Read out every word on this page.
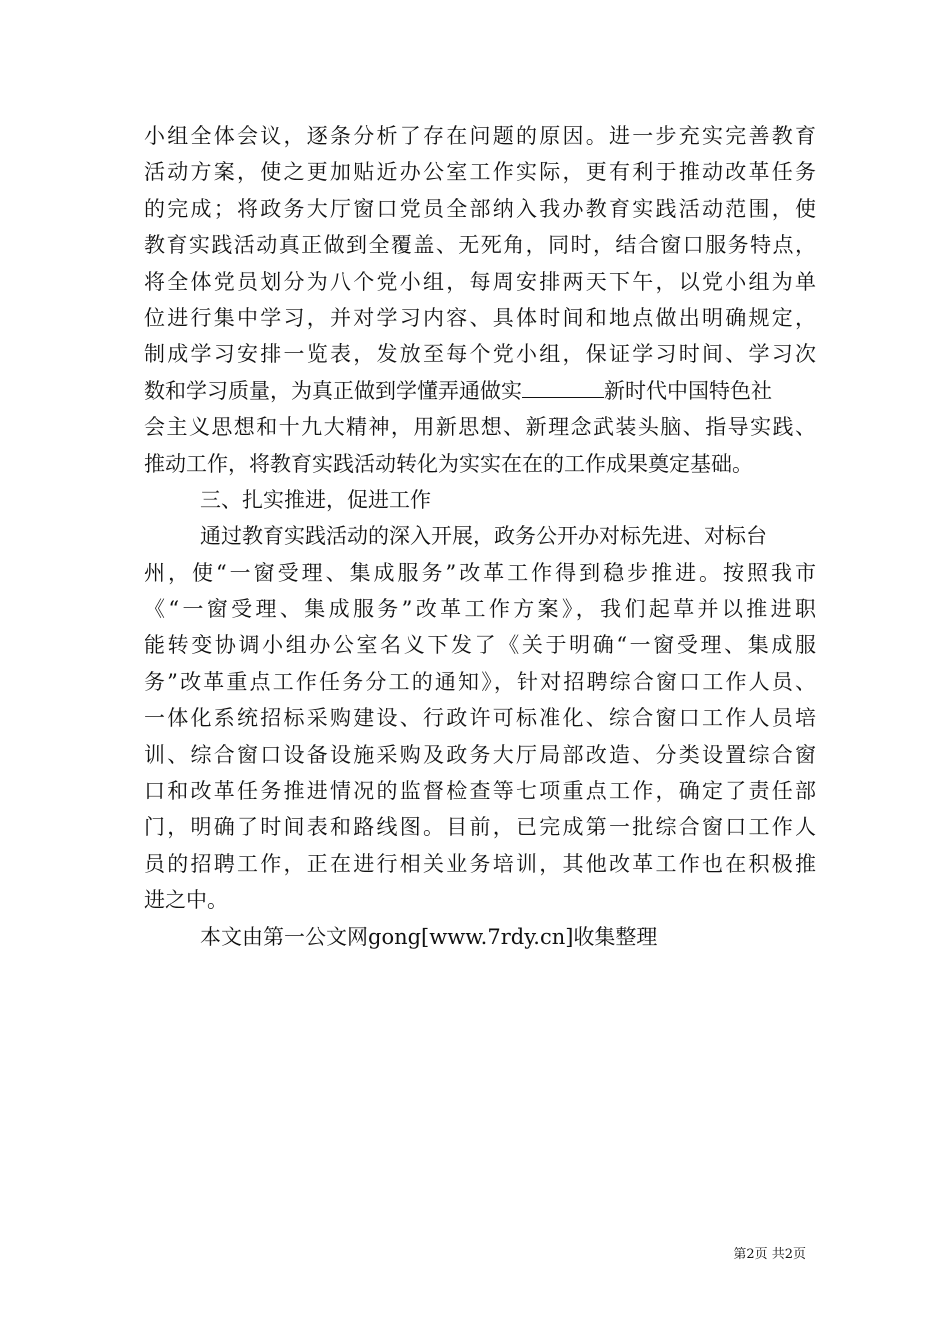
小组全体会议，逐条分析了存在问题的原因。进一步充实完善教育
活动方案，使之更加贴近办公室工作实际，更有利于推动改革任务
的完成；将政务大厅窗口党员全部纳入我办教育实践活动范围，使
教育实践活动真正做到全覆盖、无死角，同时，结合窗口服务特点，
将全体党员划分为八个党小组，每周安排两天下午，以党小组为单
位进行集中学习，并对学习内容、具体时间和地点做出明确规定，
制成学习安排一览表，发放至每个党小组，保证学习时间、学习次
数和学习质量，为真正做到学懂弄通做实	新时代中国特色社
会主义思想和十九大精神，用新思想、新理念武装头脑、指导实践、
推动工作，将教育实践活动转化为实实在在的工作成果奠定基础。
三、扎实推进，促进工作
通过教育实践活动的深入开展，政务公开办对标先进、对标台
州，使“一窗受理、集成服务”改革工作得到稳步推进。按照我市
《“一窗受理、集成服务”改革工作方案》，我们起草并以推进职
能转变协调小组办公室名义下发了《关于明确“一窗受理、集成服
务”改革重点工作任务分工的通知》，针对招聘综合窗口工作人员、
一体化系统招标采购建设、行政许可标准化、综合窗口工作人员培
训、综合窗口设备设施采购及政务大厅局部改造、分类设置综合窗
口和改革任务推进情况的监督检查等七项重点工作，确定了责任部
门，明确了时间表和路线图。目前，已完成第一批综合窗口工作人
员的招聘工作，正在进行相关业务培训，其他改革工作也在积极推
进之中。
本文由第一公文网gong[www.7rdy.cn]收集整理
第2页 共2页
